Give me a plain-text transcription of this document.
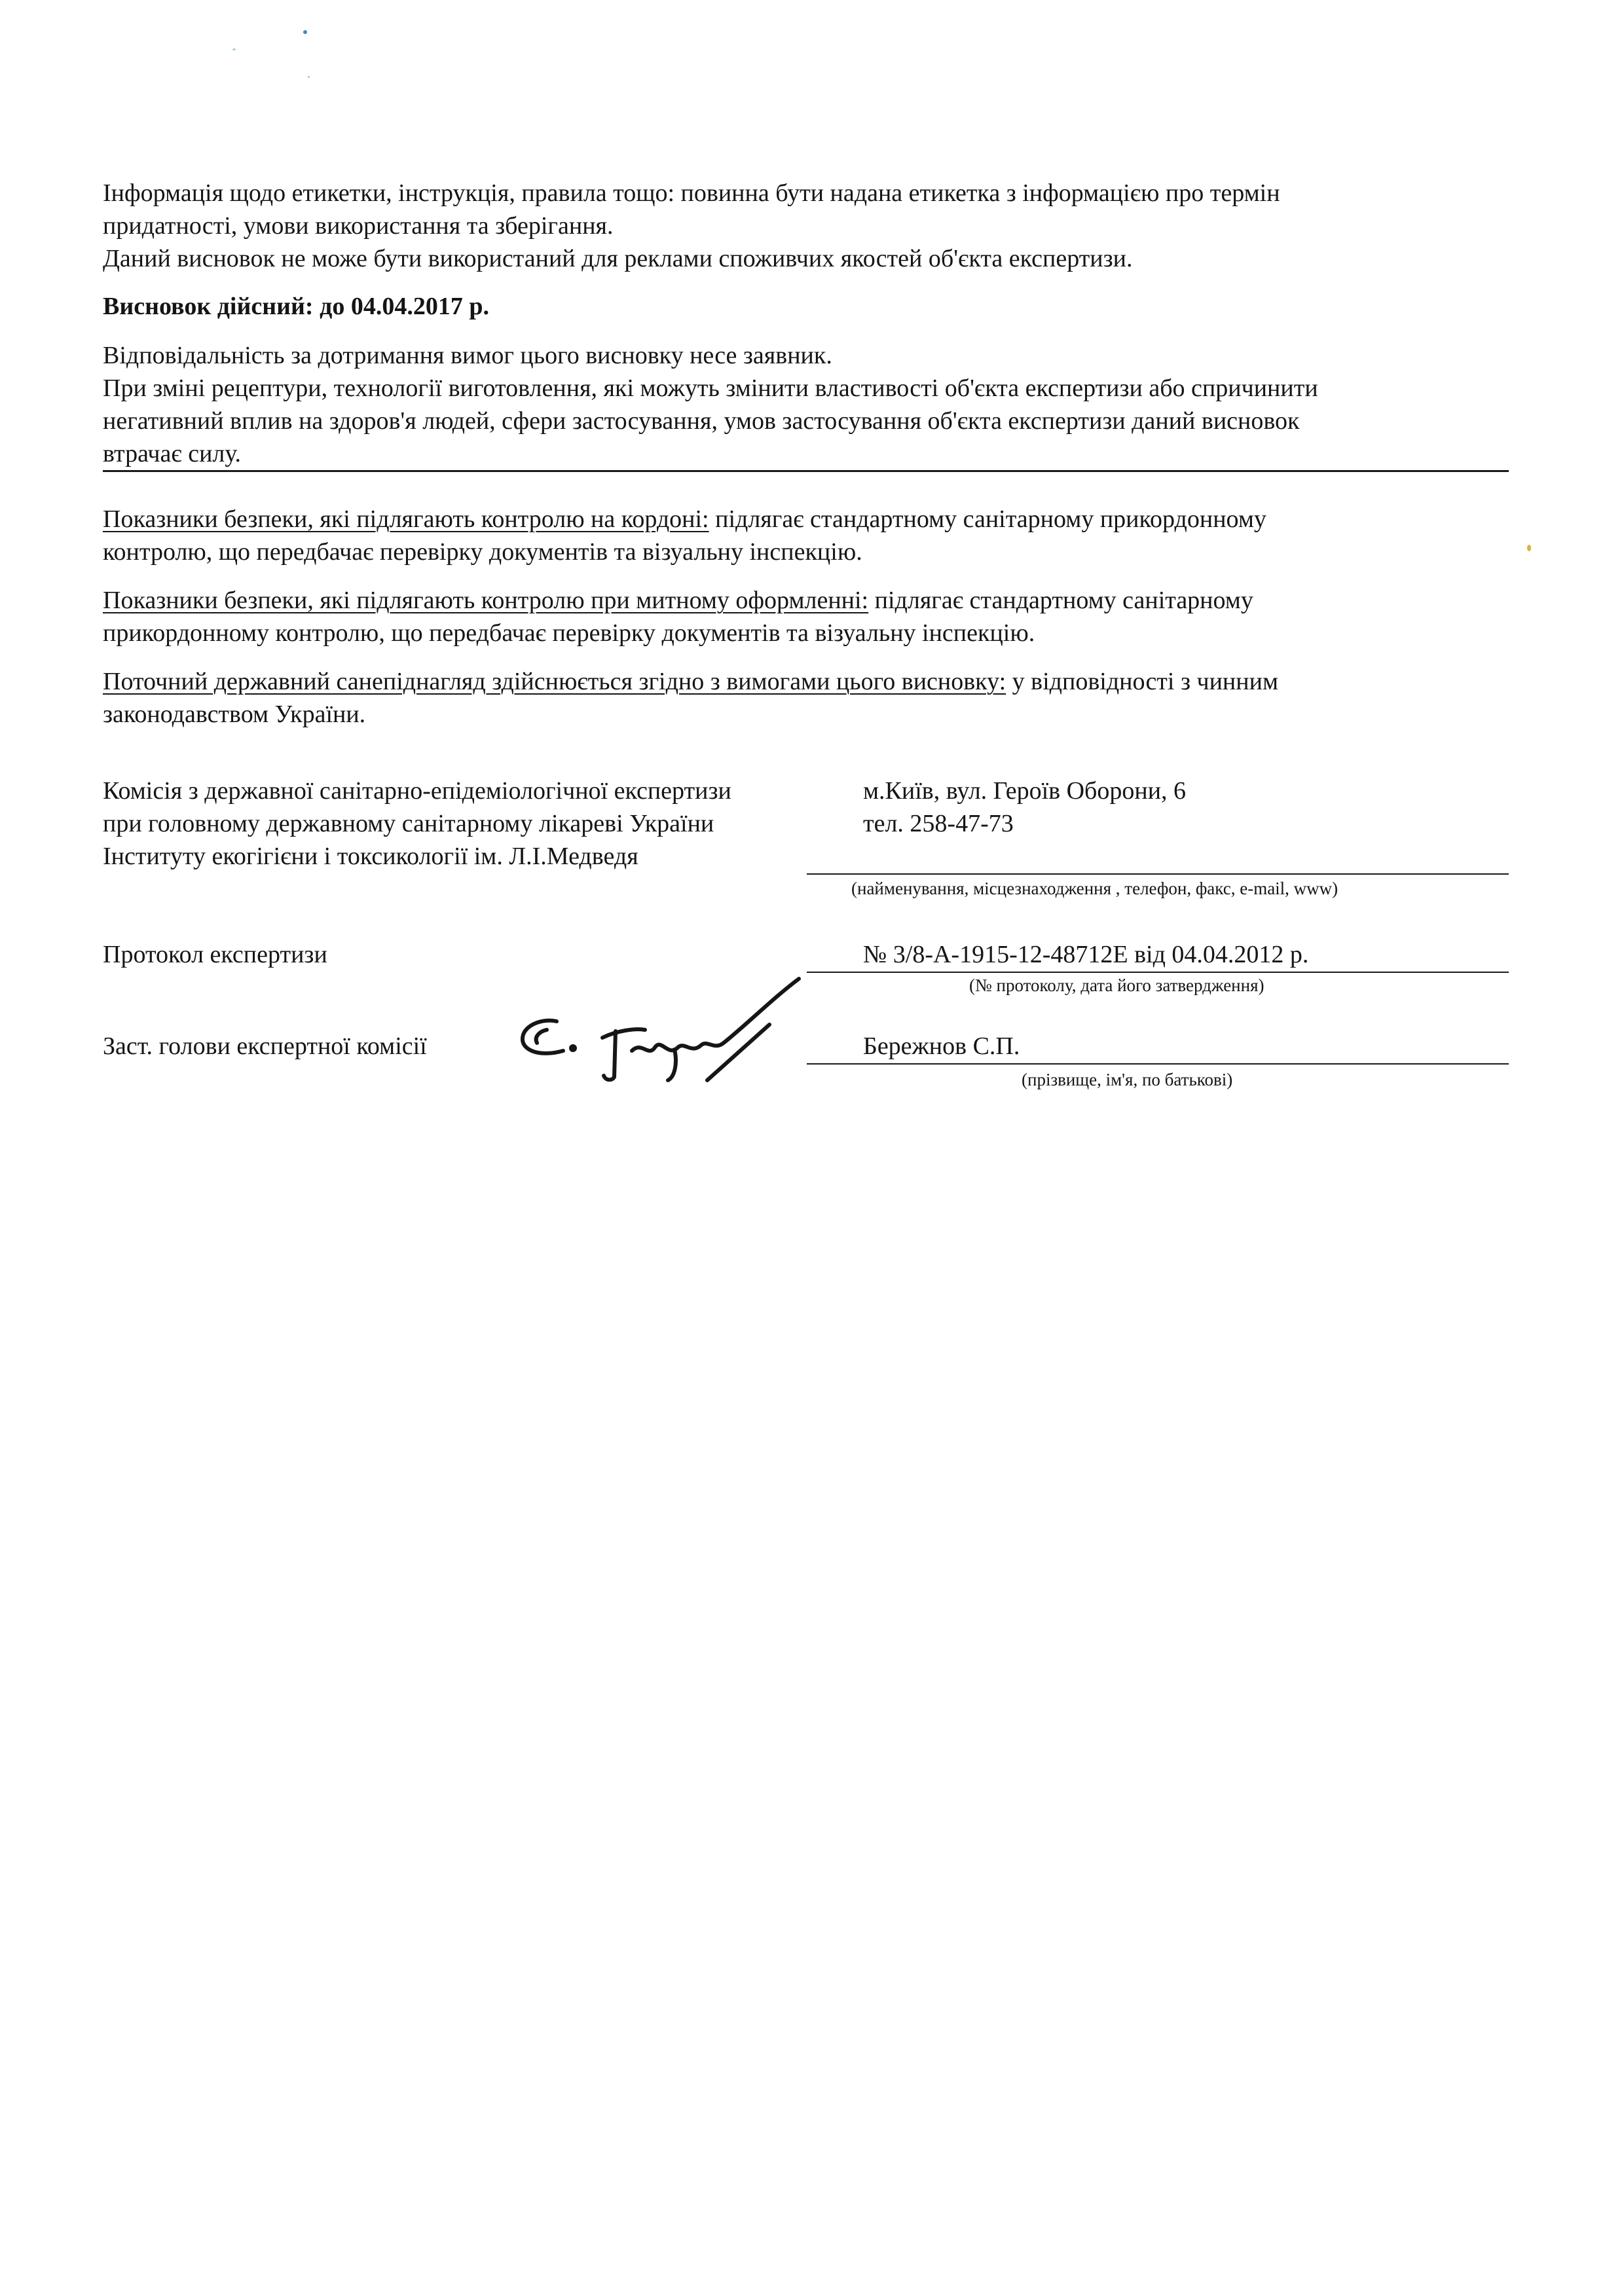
Інформація щодо етикетки, інструкція, правила тощо: повинна бути надана етикетка з інформацією про термін

придатності, умови використання та зберігання.

Даний висновок не може бути використаний для реклами споживчих якостей об'єкта експертизи.

Висновок дійсний: до 04.04.2017 р.

Відповідальність за дотримання вимог цього висновку несе заявник.

При зміні рецептури, технології виготовлення, які можуть змінити властивості об'єкта експертизи або спричинити

негативний вплив на здоров'я людей, сфери застосування, умов застосування об'єкта експертизи даний висновок

втрачає силу.

Показники безпеки, які підлягають контролю на кордоні: підлягає стандартному санітарному прикордонному

контролю, що передбачає перевірку документів та візуальну інспекцію.

Показники безпеки, які підлягають контролю при митному оформленні: підлягає стандартному санітарному

прикордонному контролю, що передбачає перевірку документів та візуальну інспекцію.

Поточний державний санепіднагляд здійснюється згідно з вимогами цього висновку: у відповідності з чинним

законодавством України.

Комісія з державної санітарно-епідеміологічної експертизи

при головному державному санітарному лікареві України

Інституту екогігієни і токсикології ім. Л.І.Медведя

м.Київ, вул. Героїв Оборони, 6
тел. 258-47-73
(найменування, місцезнаходження , телефон, факс, e-mail, www)
Протокол експертизи	№ 3/8-А-1915-12-48712Е від 04.04.2012 р.
(№ протоколу, дата його затвердження)
Заст. голови експертної комісії	Бережнов С.П.
(прізвище, ім'я, по батькові)
